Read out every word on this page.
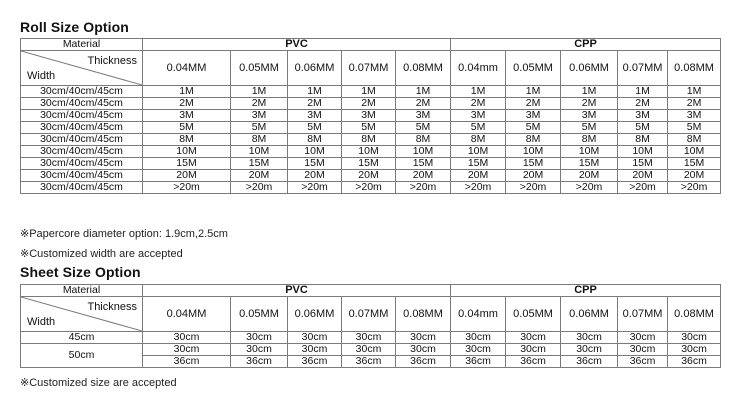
Roll Size Option
Material	PVC					CPP				

Thickness
Width	0.04MM	0.05MM	0.06MM	0.07MM	0.08MM	0.04mm	0.05MM	0.06MM	0.07MM	0.08MM
30cm/40cm/45cm	1M	1M	1M	1M	1M	1M	1M	1M	1M	1M
30cm/40cm/45cm	2M	2M	2M	2M	2M	2M	2M	2M	2M	2M
30cm/40cm/45cm	3M	3M	3M	3M	3M	3M	3M	3M	3M	3M
30cm/40cm/45cm	5M	5M	5M	5M	5M	5M	5M	5M	5M	5M
30cm/40cm/45cm	8M	8M	8M	8M	8M	8M	8M	8M	8M	8M
30cm/40cm/45cm	10M	10M	10M	10M	10M	10M	10M	10M	10M	10M
30cm/40cm/45cm	15M	15M	15M	15M	15M	15M	15M	15M	15M	15M
30cm/40cm/45cm	20M	20M	20M	20M	20M	20M	20M	20M	20M	20M
30cm/40cm/45cm	>20m	>20m	>20m	>20m	>20m	>20m	>20m	>20m	>20m	>20m
※Papercore diameter option: 1.9cm,2.5cm
※Customized width are accepted
Sheet Size Option
Material	PVC					CPP				

Thickness
Width	0.04MM	0.05MM	0.06MM	0.07MM	0.08MM	0.04mm	0.05MM	0.06MM	0.07MM	0.08MM
45cm	30cm	30cm	30cm	30cm	30cm	30cm	30cm	30cm	30cm	30cm
50cm	30cm	30cm	30cm	30cm	30cm	30cm	30cm	30cm	30cm	30cm
	36cm	36cm	36cm	36cm	36cm	36cm	36cm	36cm	36cm	36cm
※Customized size are accepted
